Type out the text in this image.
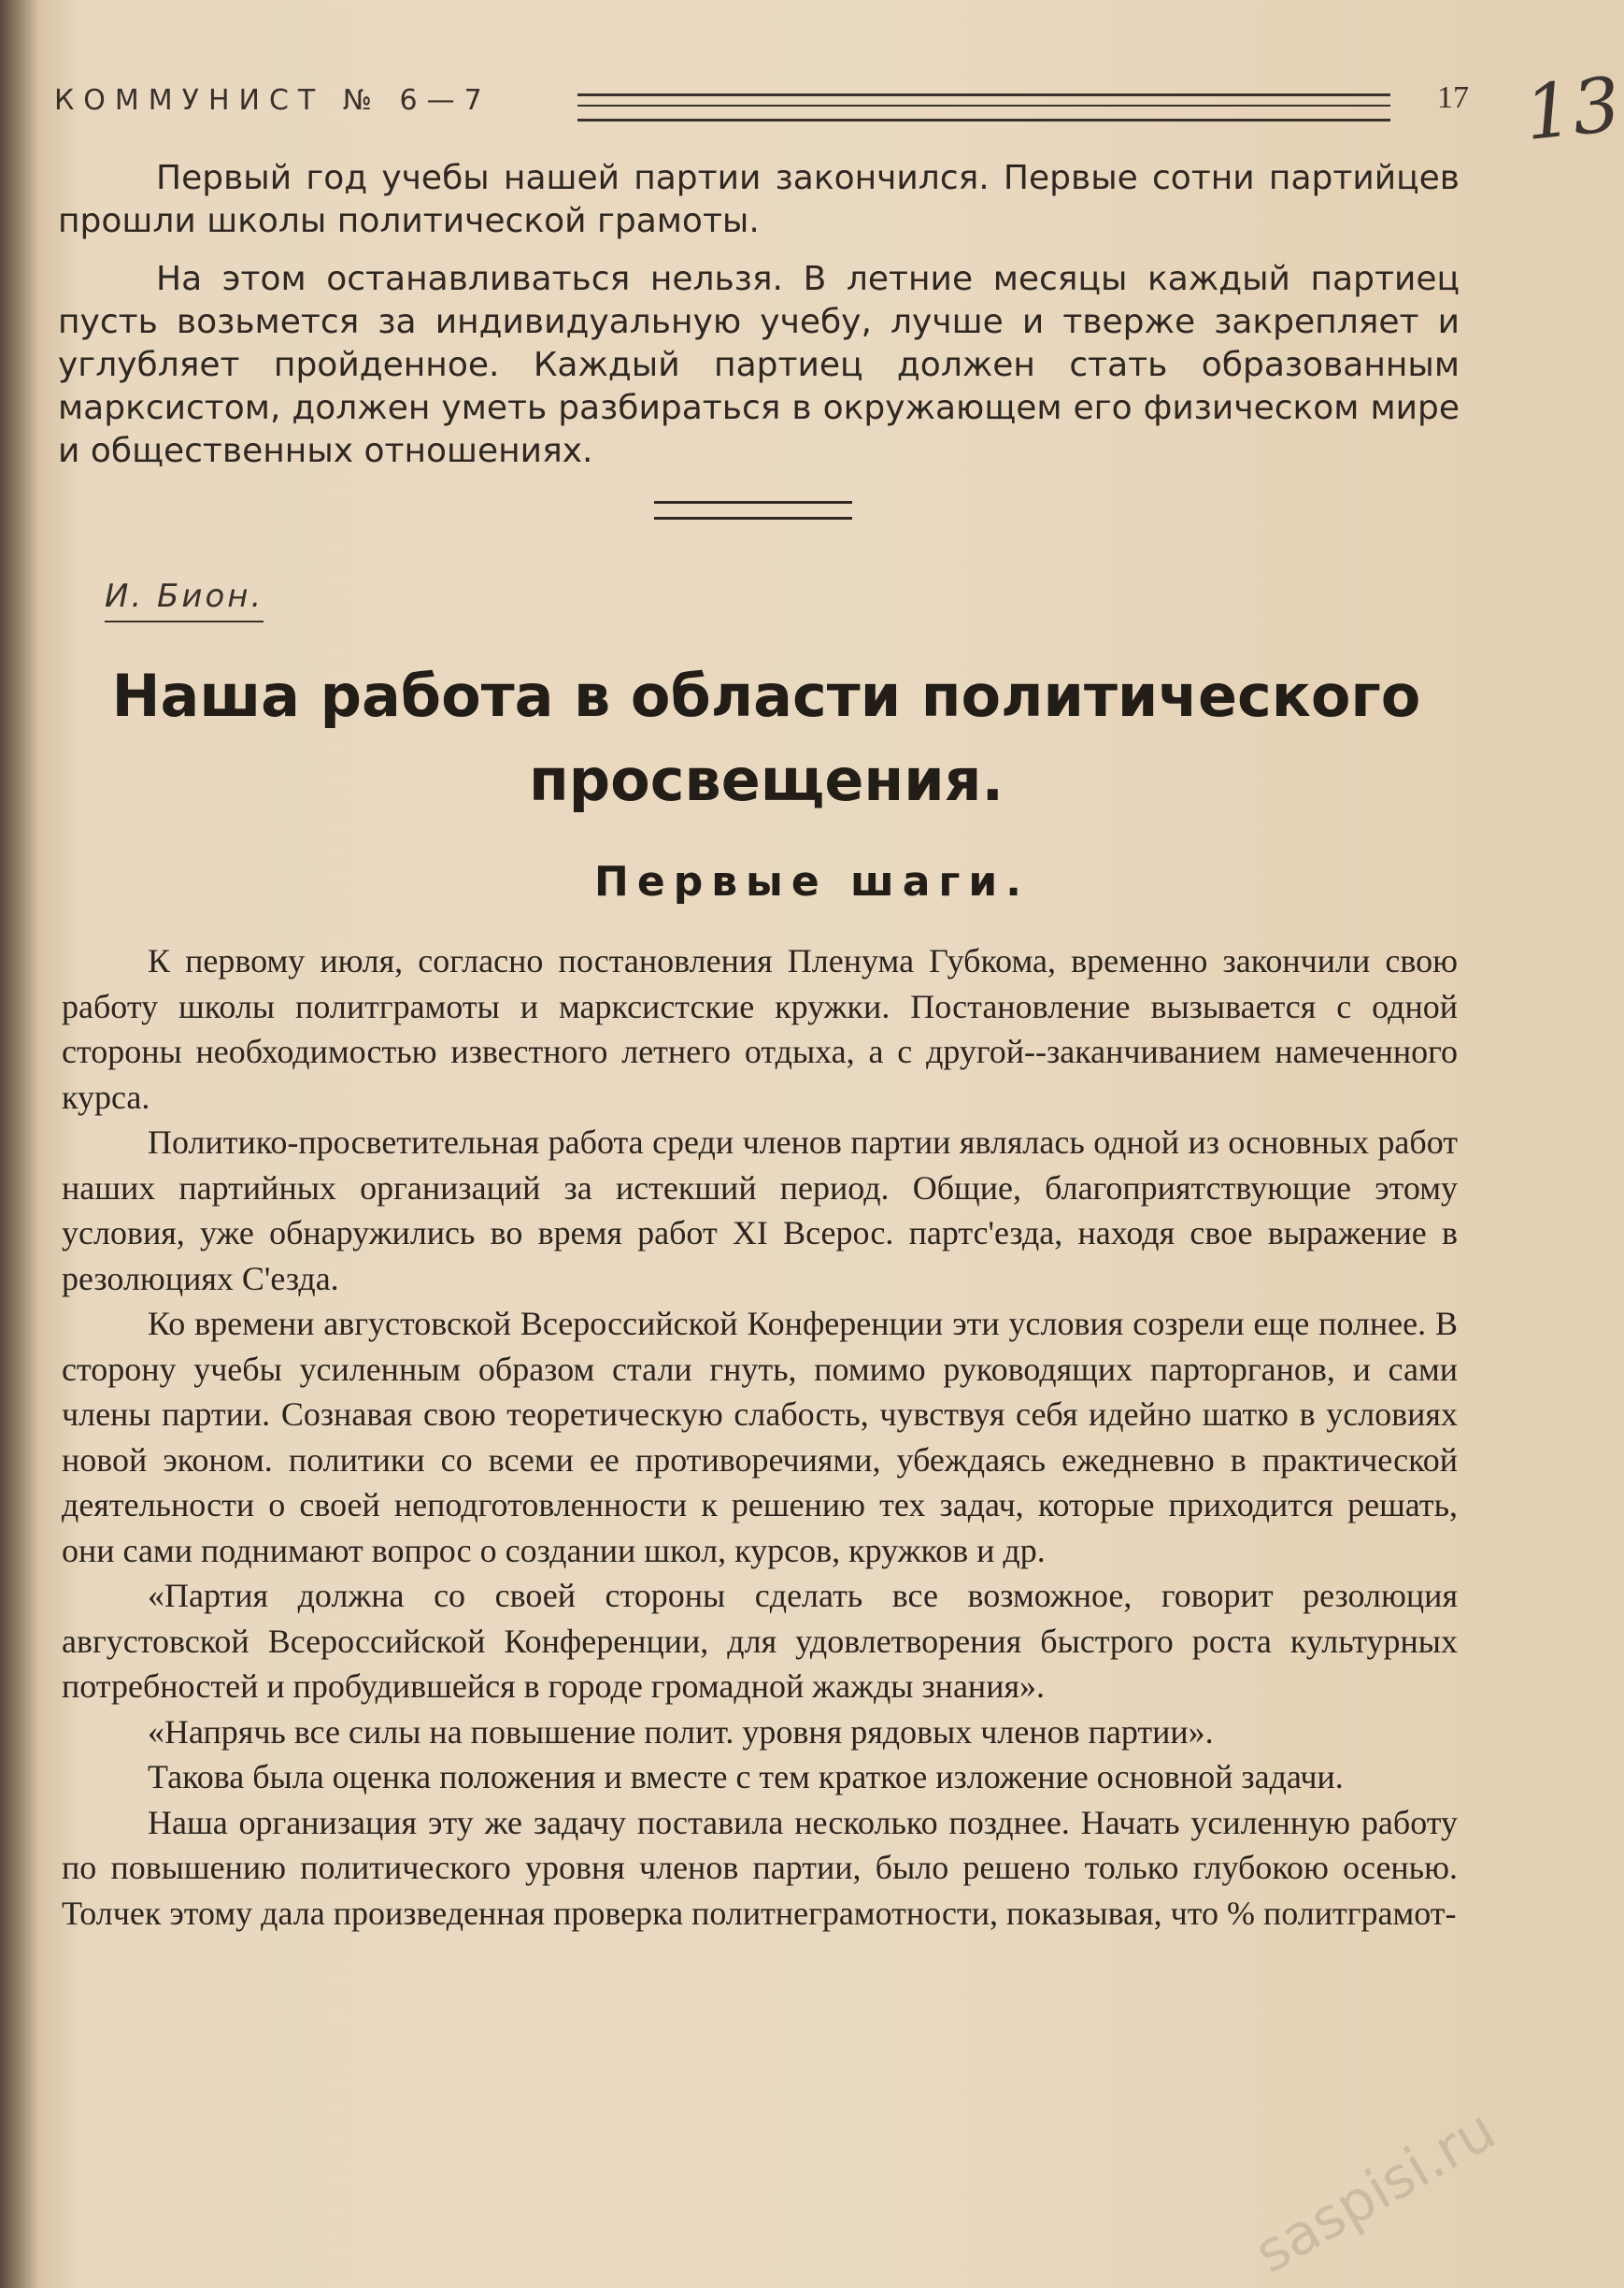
КОММУНИСТ № 6—7	17 13

Первый год учебы нашей партии закончился. Первые сотни партийцев прошли школы политической грамоты.

На этом останавливаться нельзя. В летние месяцы каждый партиец пусть возьмется за индивидуальную учебу, лучше и тверже закрепляет и углубляет пройденное. Каждый партиец должен стать образованным марксистом, должен уметь разбираться в окружающем его физическом мире и общественных отношениях.

И. Бион.
Наша работа в области политического просвещения.
Первые шаги.

К первому июля, согласно постановления Пленума Губкома, временно закончили свою работу школы политграмоты и марксистские кружки. Постановление вызывается с одной стороны необходимостью известного летнего отдыха, а с другой--заканчиванием намеченного курса.

Политико-просветительная работа среди членов партии являлась одной из основных работ наших партийных организаций за истекший период. Общие, благоприятствующие этому условия, уже обнаружились во время работ XI Всерос. партс'езда, находя свое выражение в резолюциях С'езда.

Ко времени августовской Всероссийской Конференции эти условия созрели еще полнее. В сторону учебы усиленным образом стали гнуть, помимо руководящих парторганов, и сами члены партии. Сознавая свою теоретическую слабость, чувствуя себя идейно шатко в условиях новой эконом. политики со всеми ее противоречиями, убеждаясь ежедневно в практической деятельности о своей неподготовленности к решению тех задач, которые приходится решать, они сами поднимают вопрос о создании школ, курсов, кружков и др.

«Партия должна со своей стороны сделать все возможное, говорит резолюция августовской Всероссийской Конференции, для удовлетворения быстрого роста культурных потребностей и пробудившейся в городе громадной жажды знания».

«Напрячь все силы на повышение полит. уровня рядовых членов партии».

Такова была оценка положения и вместе с тем краткое изложение основной задачи.

Наша организация эту же задачу поставила несколько позднее. Начать усиленную работу по повышению политического уровня членов партии, было решено только глубокою осенью. Толчек этому дала произведенная проверка политнеграмотности, показывая, что % политграмот-

saspisi.ru
